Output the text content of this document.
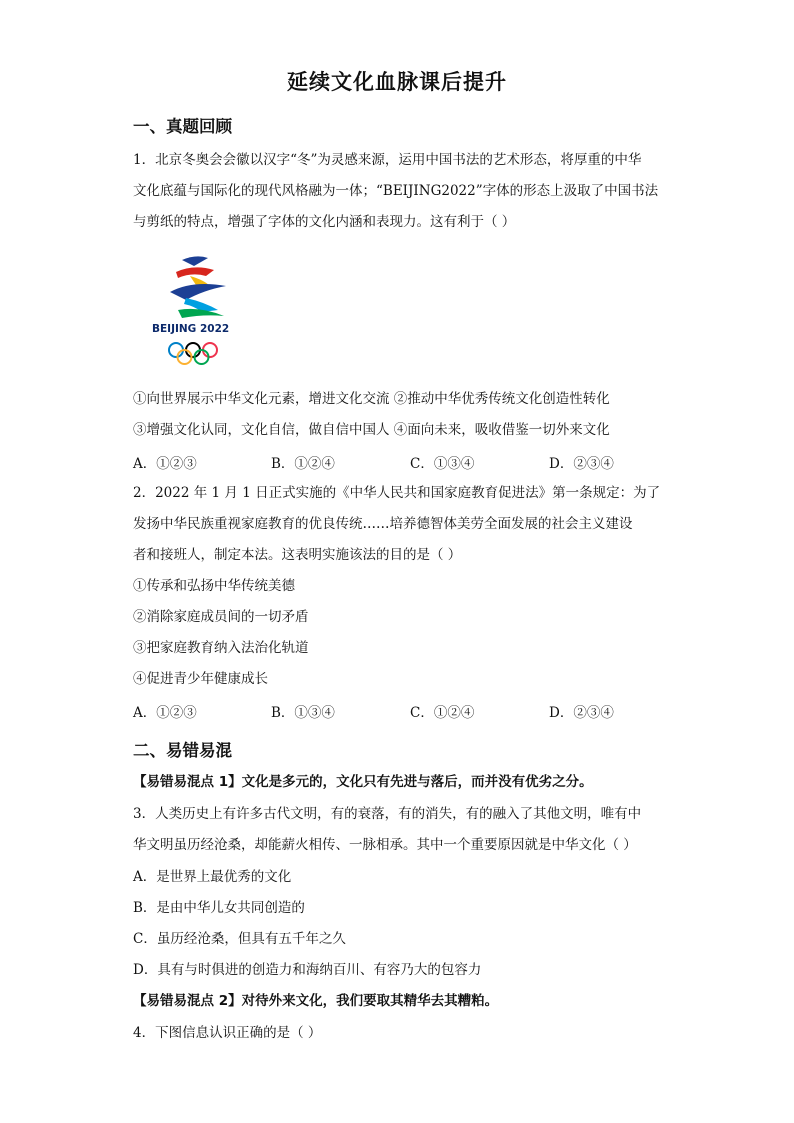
延续文化血脉课后提升
一、真题回顾
1．北京冬奥会会徽以汉字“冬”为灵感来源，运用中国书法的艺术形态，将厚重的中华
文化底蕴与国际化的现代风格融为一体；“BEIJING2022”字体的形态上汲取了中国书法
与剪纸的特点，增强了字体的文化内涵和表现力。这有利于（ ）
BEIJING 2022
①向世界展示中华文化元素，增进文化交流 ②推动中华优秀传统文化创造性转化
③增强文化认同，文化自信，做自信中国人 ④面向未来，吸收借鉴一切外来文化
A．①②③	B．①②④	C．①③④	D．②③④
2．2022 年 1 月 1 日正式实施的《中华人民共和国家庭教育促进法》第一条规定：为了
发扬中华民族重视家庭教育的优良传统……培养德智体美劳全面发展的社会主义建设
者和接班人，制定本法。这表明实施该法的目的是（ ）
①传承和弘扬中华传统美德
②消除家庭成员间的一切矛盾
③把家庭教育纳入法治化轨道
④促进青少年健康成长
A．①②③	B．①③④	C．①②④	D．②③④
二、易错易混
【易错易混点 1】文化是多元的，文化只有先进与落后，而并没有优劣之分。
3．人类历史上有许多古代文明，有的衰落，有的消失，有的融入了其他文明，唯有中
华文明虽历经沧桑，却能薪火相传、一脉相承。其中一个重要原因就是中华文化（ ）
A．是世界上最优秀的文化
B．是由中华儿女共同创造的
C．虽历经沧桑，但具有五千年之久
D．具有与时俱进的创造力和海纳百川、有容乃大的包容力
【易错易混点 2】对待外来文化，我们要取其精华去其糟粕。
4．下图信息认识正确的是（ ）
